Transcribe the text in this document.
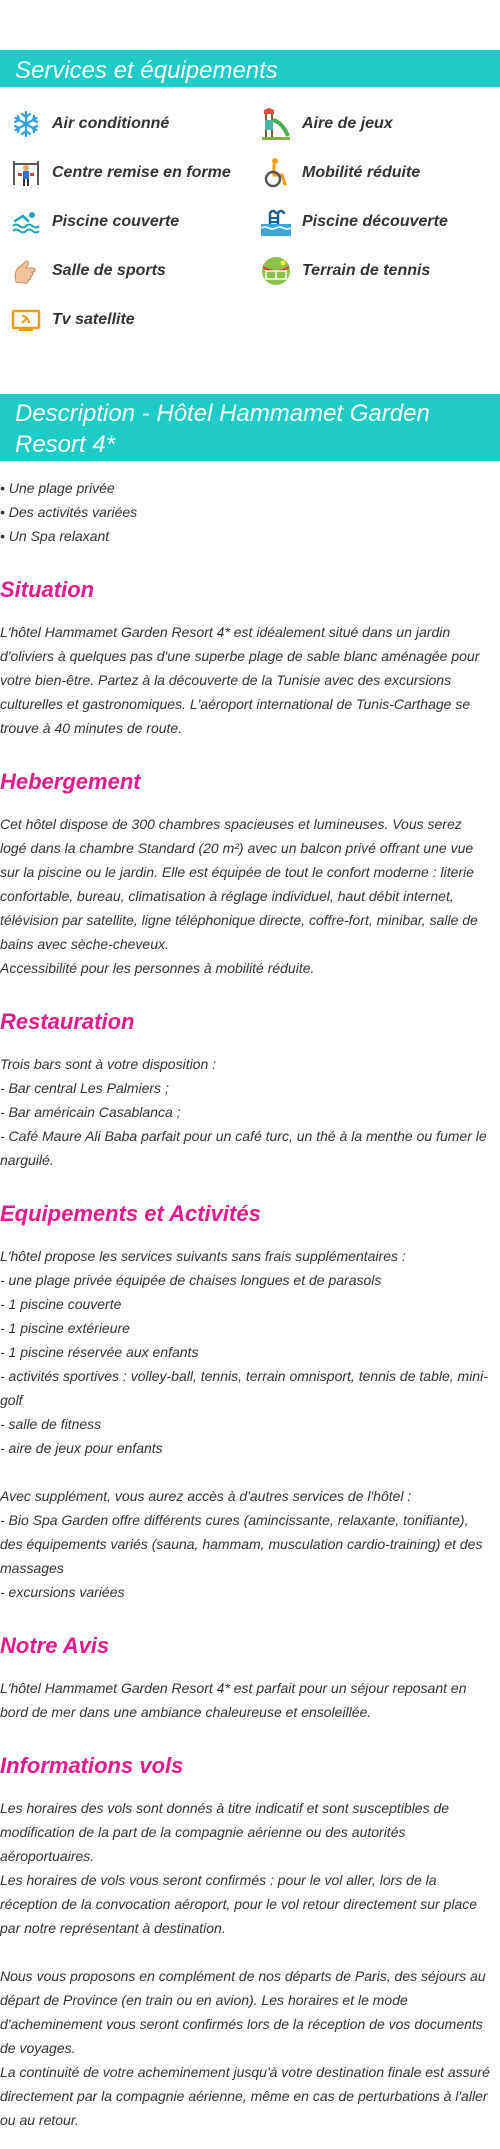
Services et équipements
Air conditionné	Aire de jeux
Centre remise en forme	Mobilité réduite
Piscine couverte	Piscine découverte
Salle de sports	Terrain de tennis
Tv satellite
Description - Hôtel Hammamet Garden Resort 4*
• Une plage privée
• Des activités variées
• Un Spa relaxant
Situation
L'hôtel Hammamet Garden Resort 4* est idéalement situé dans un jardin d'oliviers à quelques pas d'une superbe plage de sable blanc aménagée pour votre bien-être. Partez à la découverte de la Tunisie avec des excursions culturelles et gastronomiques. L'aéroport international de Tunis-Carthage se trouve à 40 minutes de route.
Hebergement
Cet hôtel dispose de 300 chambres spacieuses et lumineuses. Vous serez logé dans la chambre Standard (20 m²) avec un balcon privé offrant une vue sur la piscine ou le jardin. Elle est équipée de tout le confort moderne : literie confortable, bureau, climatisation à réglage individuel, haut débit internet, télévision par satellite, ligne téléphonique directe, coffre-fort, minibar, salle de bains avec sèche-cheveux.
Accessibilité pour les personnes à mobilité réduite.
Restauration
Trois bars sont à votre disposition :
- Bar central Les Palmiers ;
- Bar américain Casablanca ;
- Café Maure Ali Baba parfait pour un café turc, un thé à la menthe ou fumer le narguilé.
Equipements et Activités
L'hôtel propose les services suivants sans frais supplémentaires :
- une plage privée équipée de chaises longues et de parasols
- 1 piscine couverte
- 1 piscine extérieure
- 1 piscine réservée aux enfants
- activités sportives : volley-ball, tennis, terrain omnisport, tennis de table, mini-golf
- salle de fitness
- aire de jeux pour enfants
Avec supplément, vous aurez accès à d'autres services de l'hôtel :
- Bio Spa Garden offre différents cures (amincissante, relaxante, tonifiante), des équipements variés (sauna, hammam, musculation cardio-training) et des massages
- excursions variées
Notre Avis
L'hôtel Hammamet Garden Resort 4* est parfait pour un séjour reposant en bord de mer dans une ambiance chaleureuse et ensoleillée.
Informations vols
Les horaires des vols sont donnés à titre indicatif et sont susceptibles de modification de la part de la compagnie aérienne ou des autorités aéroportuaires.
Les horaires de vols vous seront confirmés : pour le vol aller, lors de la réception de la convocation aéroport, pour le vol retour directement sur place par notre représentant à destination.
Nous vous proposons en complément de nos départs de Paris, des séjours au départ de Province (en train ou en avion). Les horaires et le mode d'acheminement vous seront confirmés lors de la réception de vos documents de voyages.
La continuité de votre acheminement jusqu'à votre destination finale est assuré directement par la compagnie aérienne, même en cas de perturbations à l'aller ou au retour.
